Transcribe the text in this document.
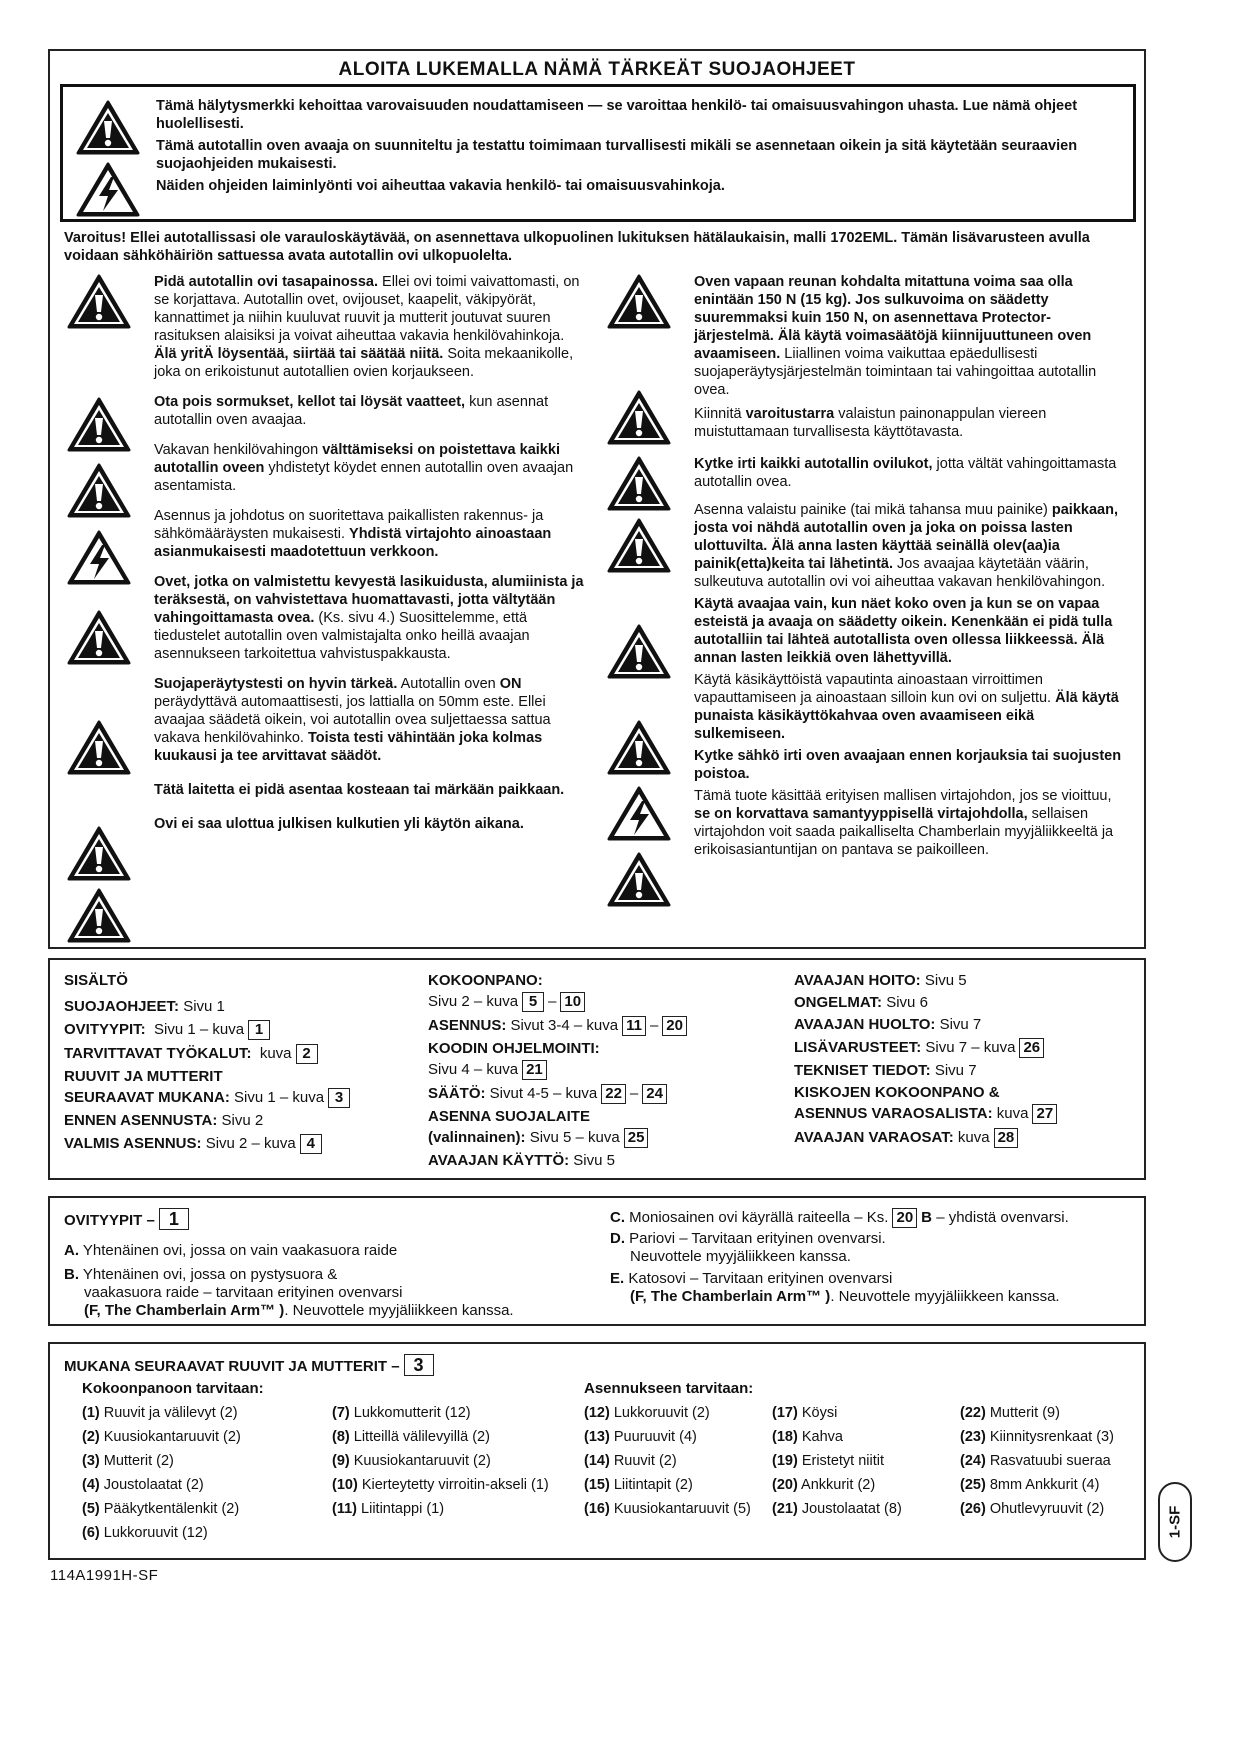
ALOITA LUKEMALLA NÄMÄ TÄRKEÄT SUOJAOHJEET
Tämä hälytysmerkki kehoittaa varovaisuuden noudattamiseen — se varoittaa henkilö- tai omaisuusvahingon uhasta. Lue nämä ohjeet huolellisesti.
Tämä autotallin oven avaaja on suunniteltu ja testattu toimimaan turvallisesti mikäli se asennetaan oikein ja sitä käytetään seuraavien suojaohjeiden mukaisesti.
Näiden ohjeiden laiminlyönti voi aiheuttaa vakavia henkilö- tai omaisuusvahinkoja.
Varoitus! Ellei autotallissasi ole varauloskäytävää, on asennettava ulkopuolinen lukituksen hätälaukaisin, malli 1702EML. Tämän lisävarusteen avulla voidaan sähköhäiriön sattuessa avata autotallin ovi ulkopuolelta.

Pidä autotallin ovi tasapainossa. Ellei ovi toimi vaivattomasti, on se korjattava. Autotallin ovet, ovijouset, kaapelit, väkipyörät, kannattimet ja niihin kuuluvat ruuvit ja mutterit joutuvat suuren rasituksen alaisiksi ja voivat aiheuttaa vakavia henkilövahinkoja. Älä yritÄ löysentää, siirtää tai säätää niitä. Soita mekaanikolle, joka on erikoistunut autotallien ovien korjaukseen.

Ota pois sormukset, kellot tai löysät vaatteet, kun asennat autotallin oven avaajaa.

Vakavan henkilövahingon välttämiseksi on poistettava kaikki autotallin oveen yhdistetyt köydet ennen autotallin oven avaajan asentamista.

Asennus ja johdotus on suoritettava paikallisten rakennus- ja sähkömääräysten mukaisesti. Yhdistä virtajohto ainoastaan asianmukaisesti maadotettuun verkkoon.

Ovet, jotka on valmistettu kevyestä lasikuidusta, alumiinista ja teräksestä, on vahvistettava huomattavasti, jotta vältytään vahingoittamasta ovea. (Ks. sivu 4.) Suosittelemme, että tiedustelet autotallin oven valmistajalta onko heillä avaajan asennukseen tarkoitettua vahvistuspakkausta.

Suojaperäytystesti on hyvin tärkeä. Autotallin oven ON peräydyttävä automaattisesti, jos lattialla on 50mm este. Ellei avaajaa säädetä oikein, voi autotallin ovea suljettaessa sattua vakava henkilövahinko. Toista testi vähintään joka kolmas kuukausi ja tee arvittavat säädöt.

Tätä laitetta ei pidä asentaa kosteaan tai märkään paikkaan.

Ovi ei saa ulottua julkisen kulkutien yli käytön aikana.

Oven vapaan reunan kohdalta mitattuna voima saa olla enintään 150 N (15 kg). Jos sulkuvoima on säädetty suuremmaksi kuin 150 N, on asennettava Protector-järjestelmä. Älä käytä voimasäätöjä kiinnijuuttuneen oven avaamiseen. Liiallinen voima vaikuttaa epäedullisesti suojaperäytysjärjestelmän toimintaan tai vahingoittaa autotallin ovea.

Kiinnitä varoitustarra valaistun painonappulan viereen muistuttamaan turvallisesta käyttötavasta.

Kytke irti kaikki autotallin ovilukot, jotta vältät vahingoittamasta autotallin ovea.

Asenna valaistu painike (tai mikä tahansa muu painike) paikkaan, josta voi nähdä autotallin oven ja joka on poissa lasten ulottuvilta. Älä anna lasten käyttää seinällä olev(aa)ia painik(etta)keita tai lähetintä. Jos avaajaa käytetään väärin, sulkeutuva autotallin ovi voi aiheuttaa vakavan henkilövahingon.

Käytä avaajaa vain, kun näet koko oven ja kun se on vapaa esteistä ja avaaja on säädetty oikein. Kenenkään ei pidä tulla autotalliin tai lähteä autotallista oven ollessa liikkeessä. Älä annan lasten leikkiä oven lähettyvillä.

Käytä käsikäyttöistä vapautinta ainoastaan virroittimen vapauttamiseen ja ainoastaan silloin kun ovi on suljettu. Älä käytä punaista käsikäyttökahvaa oven avaamiseen eikä sulkemiseen.

Kytke sähkö irti oven avaajaan ennen korjauksia tai suojusten poistoa.

Tämä tuote käsittää erityisen mallisen virtajohdon, jos se vioittuu, se on korvattava samantyyppisellä virtajohdolla, sellaisen virtajohdon voit saada paikalliselta Chamberlain myyjäliikkeeltä ja erikoisasiantuntijan on pantava se paikoilleen.

SISÄLTÖ
SUOJAOHJEET: Sivu 1
OVITYYPIT: Sivu 1 – kuva 1
TARVITTAVAT TYÖKALUT: kuva 2
RUUVIT JA MUTTERIT
SEURAAVAT MUKANA: Sivu 1 – kuva 3
ENNEN ASENNUSTA: Sivu 2
VALMIS ASENNUS: Sivu 2 – kuva 4
KOKOONPANO:
Sivu 2 – kuva 5 – 10
ASENNUS: Sivut 3-4 – kuva 11 – 20
KOODIN OHJELMOINTI:
Sivu 4 – kuva 21
SÄÄTÖ: Sivut 4-5 – kuva 22 – 24
ASENNA SUOJALAITE
(valinnainen): Sivu 5 – kuva 25
AVAAJAN KÄYTTÖ: Sivu 5
AVAAJAN HOITO: Sivu 5
ONGELMAT: Sivu 6
AVAAJAN HUOLTO: Sivu 7
LISÄVARUSTEET: Sivu 7 – kuva 26
TEKNISET TIEDOT: Sivu 7
KISKOJEN KOKOONPANO &
ASENNUS VARAOSALISTA: kuva 27
AVAAJAN VARAOSAT: kuva 28
OVITYYPIT – 1
A. Yhtenäinen ovi, jossa on vain vaakasuora raide
B. Yhtenäinen ovi, jossa on pystysuora &
vaakasuora raide – tarvitaan erityinen ovenvarsi
(F, The Chamberlain Arm™ ). Neuvottele myyjäliikkeen kanssa.
C. Moniosainen ovi käyrällä raiteella – Ks. 20 B – yhdistä ovenvarsi.
D. Pariovi – Tarvitaan erityinen ovenvarsi.
Neuvottele myyjäliikkeen kanssa.
E. Katosovi – Tarvitaan erityinen ovenvarsi
(F, The Chamberlain Arm™ ). Neuvottele myyjäliikkeen kanssa.
MUKANA SEURAAVAT RUUVIT JA MUTTERIT – 3
Kokoonpanoon tarvitaan:	Asennukseen tarvitaan:
(1) Ruuvit ja välilevyt (2)
(2) Kuusiokantaruuvit (2)
(3) Mutterit (2)
(4) Joustolaatat (2)
(5) Pääkytkentälenkit (2)
(6) Lukkoruuvit (12)
(7) Lukkomutterit (12)
(8) Litteillä välilevyillä (2)
(9) Kuusiokantaruuvit (2)
(10) Kierteytetty virroitin-akseli (1)
(11) Liitintappi (1)
(12) Lukkoruuvit (2)
(13) Puuruuvit (4)
(14) Ruuvit (2)
(15) Liitintapit (2)
(16) Kuusiokantaruuvit (5)
(17) Köysi
(18) Kahva
(19) Eristetyt niitit
(20) Ankkurit (2)
(21) Joustolaatat (8)
(22) Mutterit (9)
(23) Kiinnitysrenkaat (3)
(24) Rasvatuubi sueraa
(25) 8mm Ankkurit (4)
(26) Ohutlevyruuvit (2)	1-SF
114A1991H-SF
